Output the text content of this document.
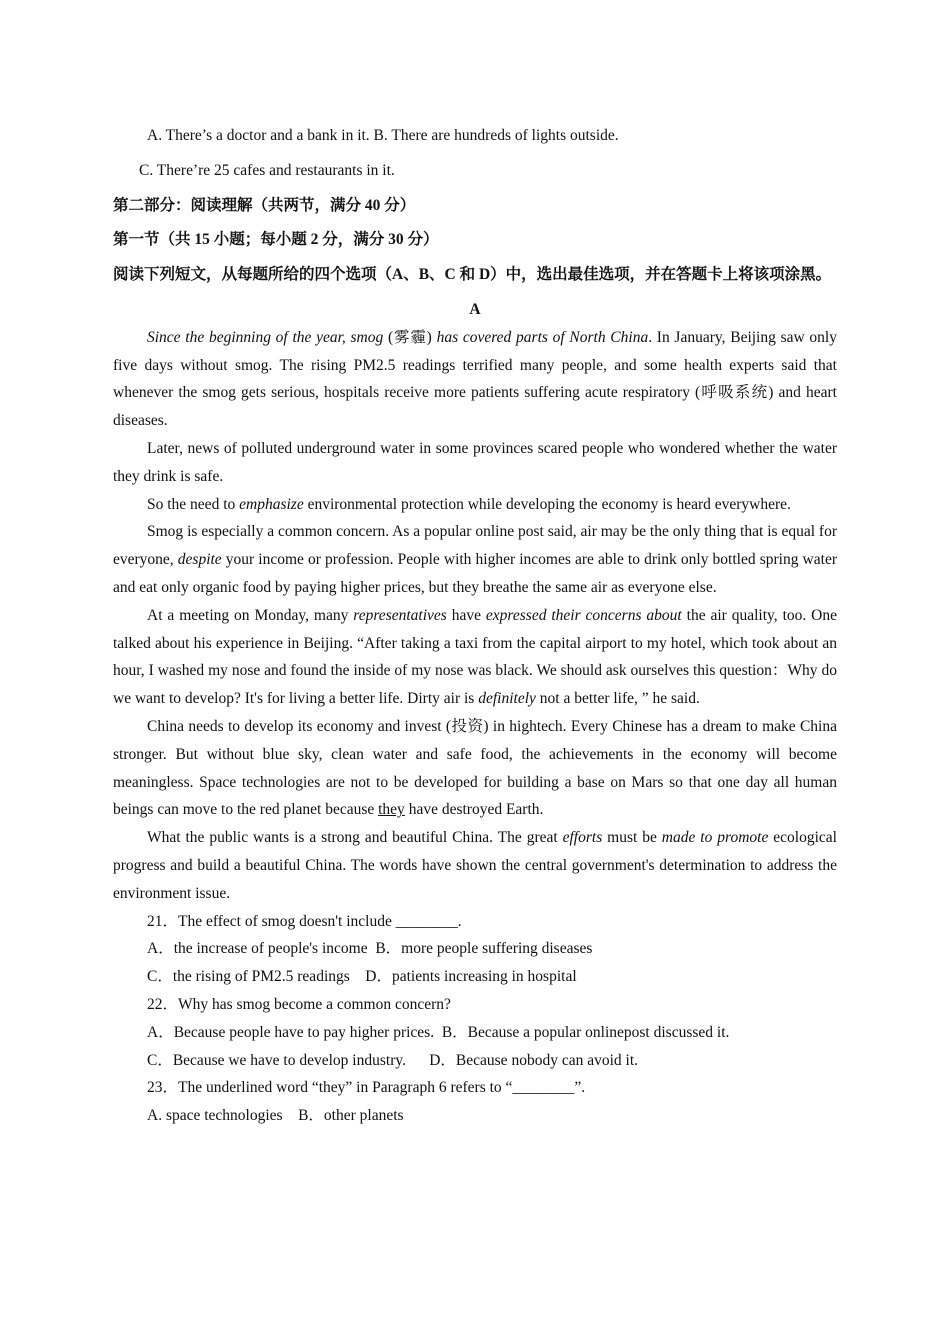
A. There’s a doctor and a bank in it. B. There are hundreds of lights outside.
C. There’re 25 cafes and restaurants in it.
第二部分：阅读理解（共两节，满分 40 分）
第一节（共 15 小题；每小题 2 分，满分 30 分）
阅读下列短文，从每题所给的四个选项（A、B、C 和 D）中，选出最佳选项，并在答题卡上将该项涂黑。
A

Since the beginning of the year, smog (雾霾) has covered parts of North China. In January, Beijing saw only five days without smog. The rising PM2.5 readings terrified many people, and some health experts said that whenever the smog gets serious, hospitals receive more patients suffering acute respiratory (呼吸系统) and heart diseases.

Later, news of polluted underground water in some provinces scared people who wondered whether the water they drink is safe.

So the need to emphasize environmental protection while developing the economy is heard everywhere.

Smog is especially a common concern. As a popular online post said, air may be the only thing that is equal for everyone, despite your income or profession. People with higher incomes are able to drink only bottled spring water and eat only organic food by paying higher prices, but they breathe the same air as everyone else.

At a meeting on Monday, many representatives have expressed their concerns about the air quality, too. One talked about his experience in Beijing. “After taking a taxi from the capital airport to my hotel, which took about an hour, I washed my nose and found the inside of my nose was black. We should ask ourselves this question：Why do we want to develop? It's for living a better life. Dirty air is definitely not a better life, ” he said.

China needs to develop its economy and invest (投资) in hightech. Every Chinese has a dream to make China stronger. But without blue sky, clean water and safe food, the achievements in the economy will become meaningless. Space technologies are not to be developed for building a base on Mars so that one day all human beings can move to the red planet because they have destroyed Earth.

What the public wants is a strong and beautiful China. The great efforts must be made to promote ecological progress and build a beautiful China. The words have shown the central government's determination to address the environment issue.

21．The effect of smog doesn't include ________.
A．the increase of people's income  B．more people suffering diseases
C．the rising of PM2.5 readings    D．patients increasing in hospital
22．Why has smog become a common concern?
A．Because people have to pay higher prices.  B．Because a popular onlinepost discussed it.
C．Because we have to develop industry.      D．Because nobody can avoid it.
23．The underlined word “they” in Paragraph 6 refers to “________”.
A. space technologies    B．other planets
